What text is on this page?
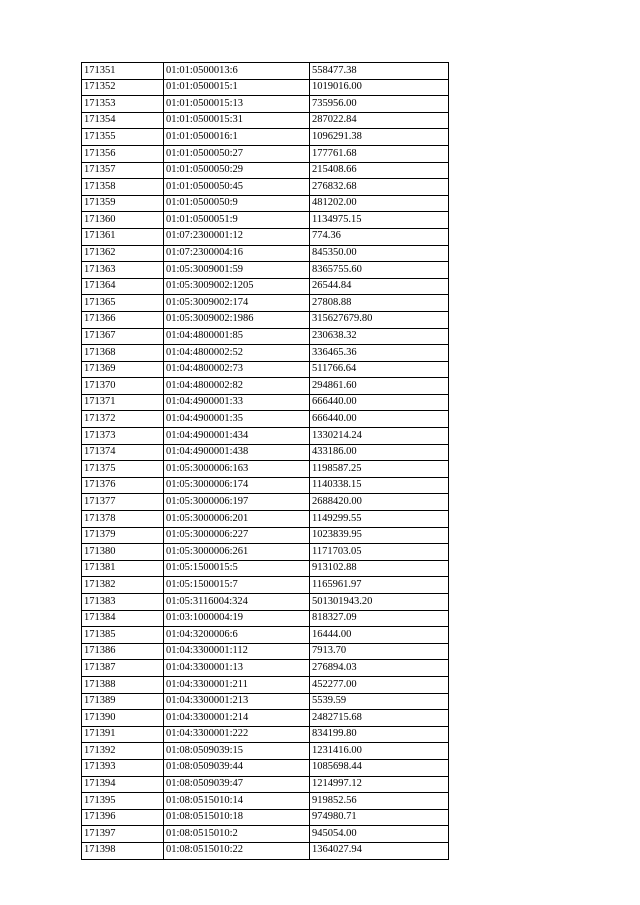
171351	01:01:0500013:6	558477.38
171352	01:01:0500015:1	1019016.00
171353	01:01:0500015:13	735956.00
171354	01:01:0500015:31	287022.84
171355	01:01:0500016:1	1096291.38
171356	01:01:0500050:27	177761.68
171357	01:01:0500050:29	215408.66
171358	01:01:0500050:45	276832.68
171359	01:01:0500050:9	481202.00
171360	01:01:0500051:9	1134975.15
171361	01:07:2300001:12	774.36
171362	01:07:2300004:16	845350.00
171363	01:05:3009001:59	8365755.60
171364	01:05:3009002:1205	26544.84
171365	01:05:3009002:174	27808.88
171366	01:05:3009002:1986	315627679.80
171367	01:04:4800001:85	230638.32
171368	01:04:4800002:52	336465.36
171369	01:04:4800002:73	511766.64
171370	01:04:4800002:82	294861.60
171371	01:04:4900001:33	666440.00
171372	01:04:4900001:35	666440.00
171373	01:04:4900001:434	1330214.24
171374	01:04:4900001:438	433186.00
171375	01:05:3000006:163	1198587.25
171376	01:05:3000006:174	1140338.15
171377	01:05:3000006:197	2688420.00
171378	01:05:3000006:201	1149299.55
171379	01:05:3000006:227	1023839.95
171380	01:05:3000006:261	1171703.05
171381	01:05:1500015:5	913102.88
171382	01:05:1500015:7	1165961.97
171383	01:05:3116004:324	501301943.20
171384	01:03:1000004:19	818327.09
171385	01:04:3200006:6	16444.00
171386	01:04:3300001:112	7913.70
171387	01:04:3300001:13	276894.03
171388	01:04:3300001:211	452277.00
171389	01:04:3300001:213	5539.59
171390	01:04:3300001:214	2482715.68
171391	01:04:3300001:222	834199.80
171392	01:08:0509039:15	1231416.00
171393	01:08:0509039:44	1085698.44
171394	01:08:0509039:47	1214997.12
171395	01:08:0515010:14	919852.56
171396	01:08:0515010:18	974980.71
171397	01:08:0515010:2	945054.00
171398	01:08:0515010:22	1364027.94
